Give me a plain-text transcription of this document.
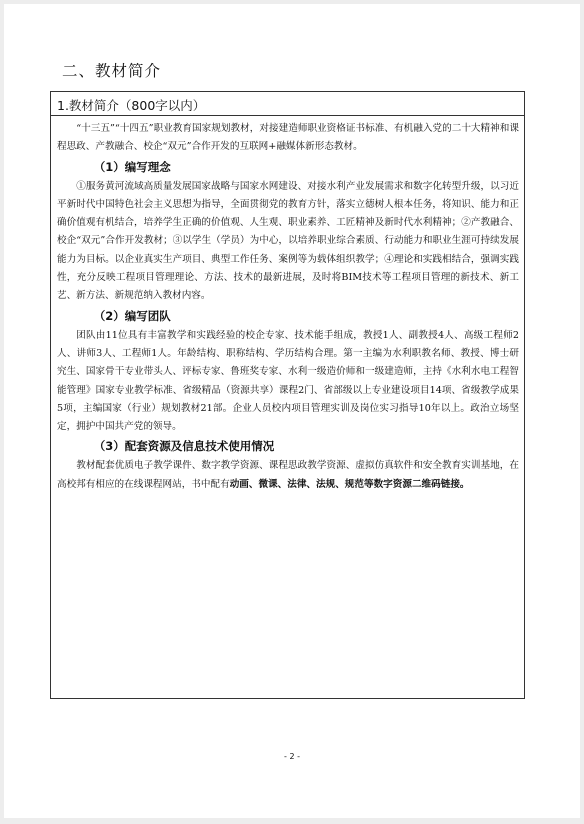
二、教材简介
1.教材简介（800字以内）

“十三五”“十四五”职业教育国家规划教材，对接建造师职业资格证书标准、有机融入党的二十大精神和课程思政、产教融合、校企“双元”合作开发的互联网+融媒体新形态教材。

（1）编写理念

①服务黄河流域高质量发展国家战略与国家水网建设、对接水利产业发展需求和数字化转型升级，以习近平新时代中国特色社会主义思想为指导，全面贯彻党的教育方针，落实立德树人根本任务，将知识、能力和正确价值观有机结合，培养学生正确的价值观、人生观、职业素养、工匠精神及新时代水利精神；②产教融合、校企“双元”合作开发教材；③以学生（学员）为中心，以培养职业综合素质、行动能力和职业生涯可持续发展能力为目标。以企业真实生产项目、典型工作任务、案例等为载体组织教学；④理论和实践相结合，强调实践性，充分反映工程项目管理理论、方法、技术的最新进展，及时将BIM技术等工程项目管理的新技术、新工艺、新方法、新规范纳入教材内容。

（2）编写团队

团队由11位具有丰富教学和实践经验的校企专家、技术能手组成，教授1人、副教授4人、高级工程师2人、讲师3人、工程师1人。年龄结构、职称结构、学历结构合理。第一主编为水利职教名师、教授、博士研究生、国家骨干专业带头人、评标专家、鲁班奖专家、水利一级造价师和一级建造师，主持《水利水电工程智能管理》国家专业教学标准、省级精品（资源共享）课程2门、省部级以上专业建设项目14项、省级教学成果5项，主编国家（行业）规划教材21部。企业人员校内项目管理实训及岗位实习指导10年以上。政治立场坚定，拥护中国共产党的领导。

（3）配套资源及信息技术使用情况

教材配套优质电子教学课件、数字教学资源、课程思政教学资源、虚拟仿真软件和安全教育实训基地，在高校邦有相应的在线课程网站，书中配有动画、微课、法律、法规、规范等数字资源二维码链接。

- 2 -
